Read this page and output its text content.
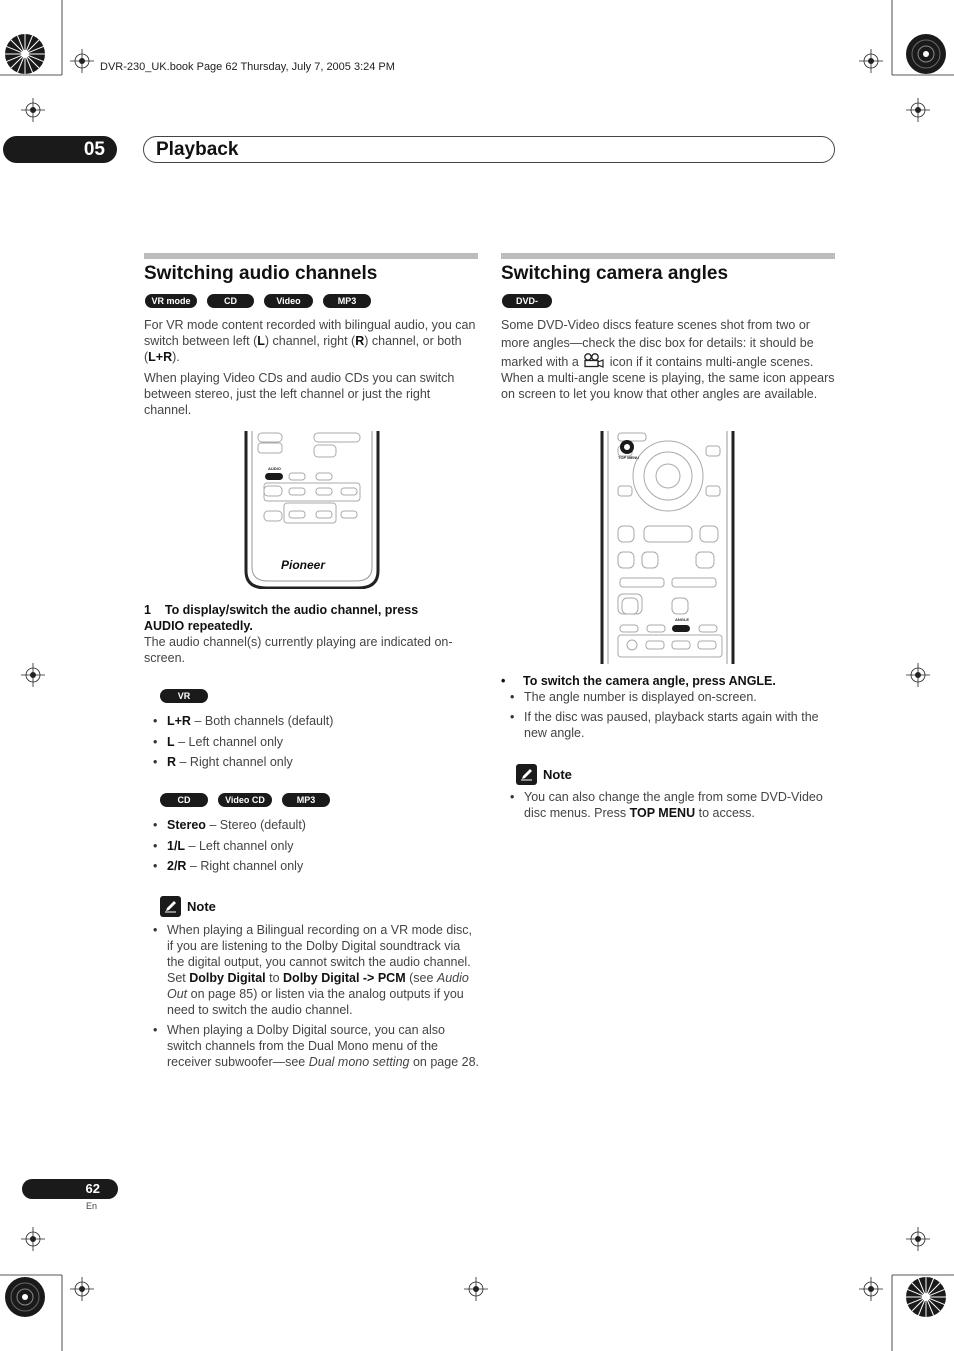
DVR-230_UK.book Page 62 Thursday, July 7, 2005 3:24 PM
05	Playback
Switching audio channels
VR mode	CD	Video CD
MP3
For VR mode content recorded with bilingual audio, you can switch between left (L) channel, right (R) channel, or both (L+R).
When playing Video CDs and audio CDs you can switch between stereo, just the left channel or just the right channel.
AUDIO
Pioneer
1 To display/switch the audio channel, press
AUDIO repeatedly.
The audio channel(s) currently playing are indicated on-screen.
VR mode
• L+R – Both channels (default)
• L – Left channel only
• R – Right channel only
CD	Video CD	MP3
• Stereo – Stereo (default)
• 1/L – Left channel only
• 2/R – Right channel only
Note
• When playing a Bilingual recording on a VR mode disc, if you are listening to the Dolby Digital soundtrack via the digital output, you cannot switch the audio channel. Set Dolby Digital to Dolby Digital -> PCM (see Audio Out on page 85) or listen via the analog outputs if you need to switch the audio channel.
• When playing a Dolby Digital source, you can also switch channels from the Dual Mono menu of the receiver subwoofer—see Dual mono setting on page 28.
Switching camera angles
DVD-Video
Some DVD-Video discs feature scenes shot from two or more angles—check the disc box for details: it should be marked with a  icon if it contains multi-angle scenes.
When a multi-angle scene is playing, the same icon appears on screen to let you know that other angles are available.
TOP MENU
ANGLE
• To switch the camera angle, press ANGLE.
• The angle number is displayed on-screen.
• If the disc was paused, playback starts again with the new angle.
Note
• You can also change the angle from some DVD-Video disc menus. Press TOP MENU to access.
62
En
